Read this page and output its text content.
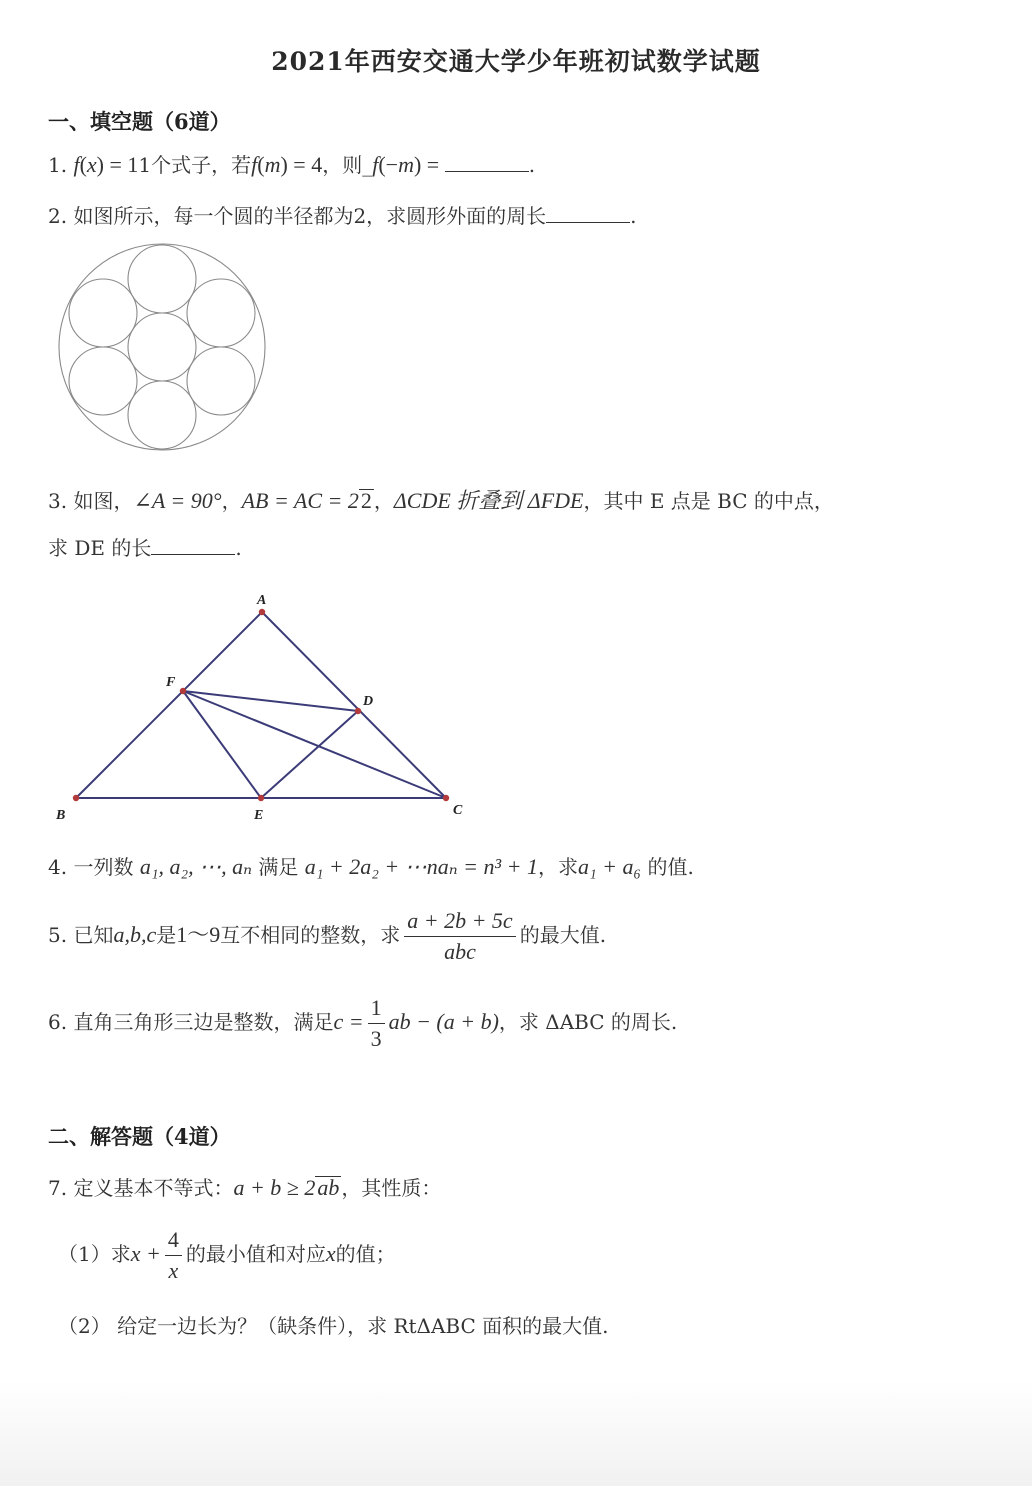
2021年西安交通大学少年班初试数学试题
一、填空题（6道）
1. f(x) = 11个式子，若f(m) = 4，则_f(−m) =	.
2. 如图所示，每一个圆的半径都为2，求圆形外面的周长	.
3. 如图，∠A = 90°，AB = AC = 22 ，ΔCDE 折叠到 ΔFDE，其中 E 点是 BC 的中点，
求 DE 的长	.
A
B	C
D
E
F
4. 一列数 a₁, a₂, ⋯, aₙ 满足 a₁ + 2a₂ + ⋯naₙ = n³ + 1，求a₁ + a₆ 的值.
5. 已知a,b,c是1～9互不相同的整数，求 $\frac{a + 2b + 5c}{\text{abc}}$ 的最大值.
6. 直角三角形三边是整数，满足$c = \frac{1}{3}$ ab − (a + b)，求 ΔABC 的周长.
二、解答题（4道）
7. 定义基本不等式：a + b ≥ 2ab ，其性质：
（1）求$x + \frac{4}{x}$ 的最小值和对应x的值；
（2） 给定一边长为？（缺条件），求 RtΔABC 面积的最大值.
